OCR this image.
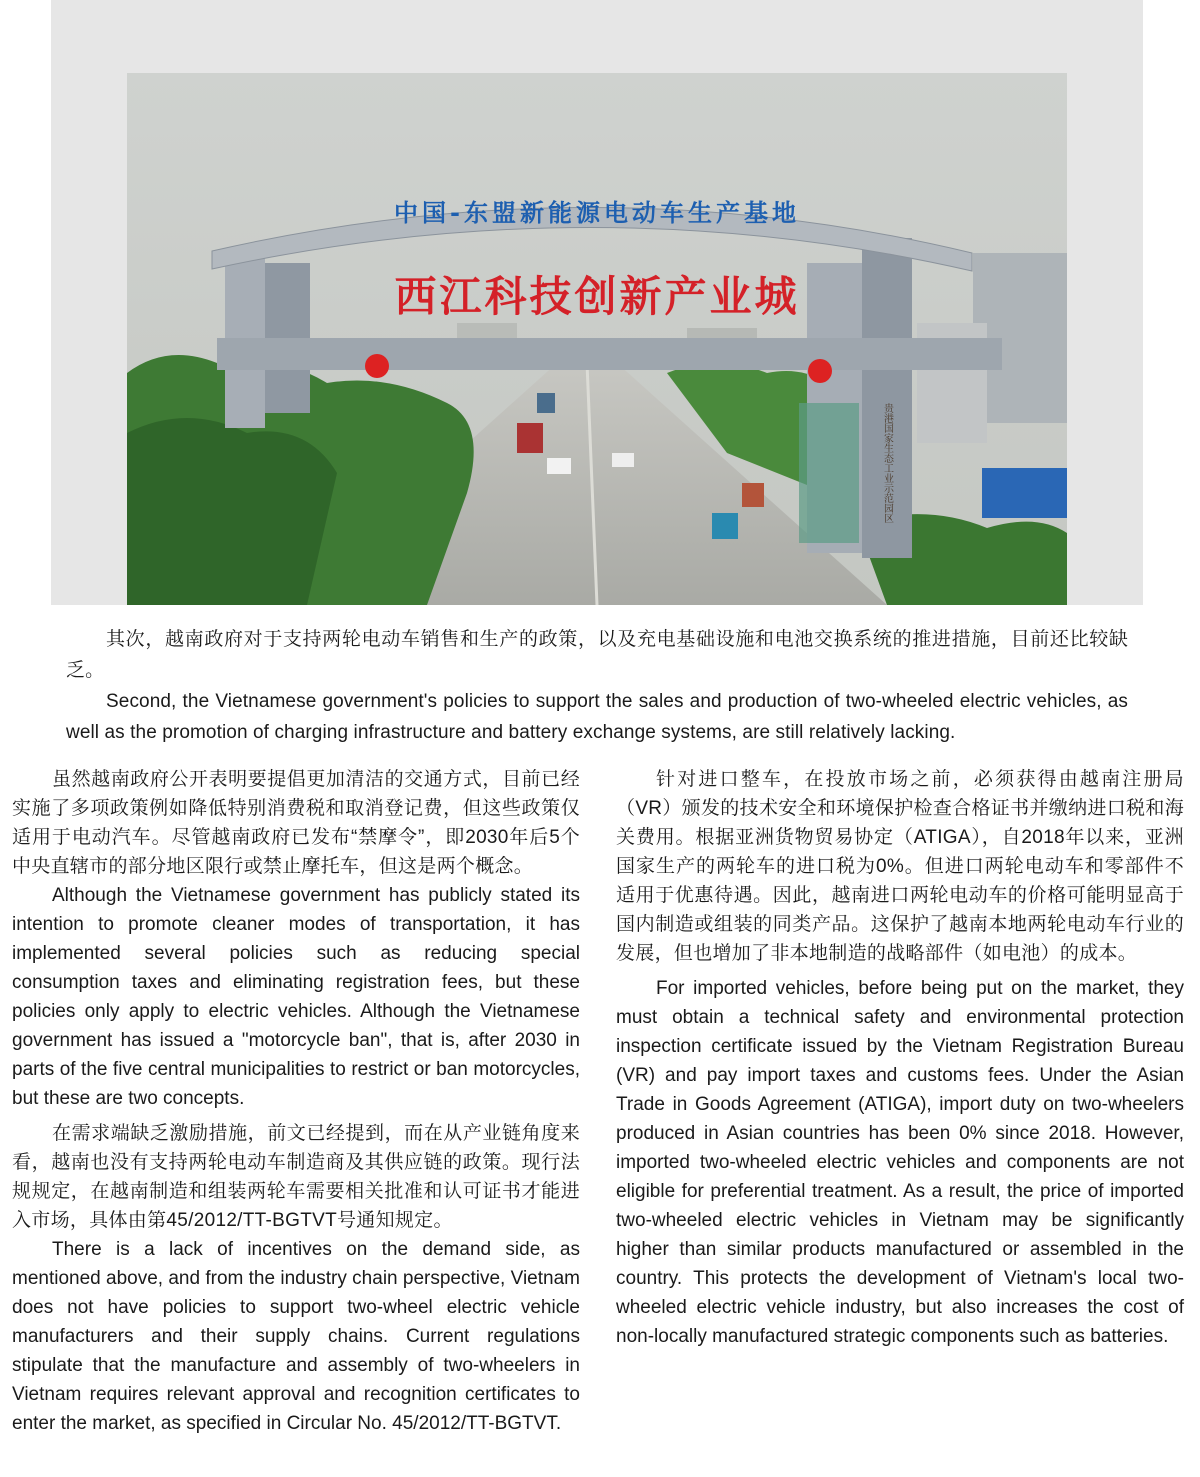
中国-东盟新能源电动车生产基地
西江科技创新产业城
贵港国家生态工业示范园区

其次，越南政府对于支持两轮电动车销售和生产的政策，以及充电基础设施和电池交换系统的推进措施，目前还比较缺乏。

Second, the Vietnamese government's policies to support the sales and production of two-wheeled electric vehicles, as well as the promotion of charging infrastructure and battery exchange systems, are still relatively lacking.

虽然越南政府公开表明要提倡更加清洁的交通方式，目前已经实施了多项政策例如降低特别消费税和取消登记费，但这些政策仅适用于电动汽车。尽管越南政府已发布“禁摩令”，即2030年后5个中央直辖市的部分地区限行或禁止摩托车，但这是两个概念。

Although the Vietnamese government has publicly stated its intention to promote cleaner modes of transportation, it has implemented several policies such as reducing special consumption taxes and eliminating registration fees, but these policies only apply to electric vehicles. Although the Vietnamese government has issued a "motorcycle ban", that is, after 2030 in parts of the five central municipalities to restrict or ban motorcycles, but these are two concepts.

在需求端缺乏激励措施，前文已经提到，而在从产业链角度来看，越南也没有支持两轮电动车制造商及其供应链的政策。现行法规规定，在越南制造和组装两轮车需要相关批准和认可证书才能进入市场，具体由第45/2012/TT-BGTVT号通知规定。

There is a lack of incentives on the demand side, as mentioned above, and from the industry chain perspective, Vietnam does not have policies to support two-wheel electric vehicle manufacturers and their supply chains. Current regulations stipulate that the manufacture and assembly of two-wheelers in Vietnam requires relevant approval and recognition certificates to enter the market, as specified in Circular No. 45/2012/TT-BGTVT.

针对进口整车，在投放市场之前，必须获得由越南注册局（VR）颁发的技术安全和环境保护检查合格证书并缴纳进口税和海关费用。根据亚洲货物贸易协定（ATIGA），自2018年以来，亚洲国家生产的两轮车的进口税为0%。但进口两轮电动车和零部件不适用于优惠待遇。因此，越南进口两轮电动车的价格可能明显高于国内制造或组装的同类产品。这保护了越南本地两轮电动车行业的发展，但也增加了非本地制造的战略部件（如电池）的成本。

For imported vehicles, before being put on the market, they must obtain a technical safety and environmental protection inspection certificate issued by the Vietnam Registration Bureau (VR) and pay import taxes and customs fees. Under the Asian Trade in Goods Agreement (ATIGA), import duty on two-wheelers produced in Asian countries has been 0% since 2018. However, imported two-wheeled electric vehicles and components are not eligible for preferential treatment. As a result, the price of imported two-wheeled electric vehicles in Vietnam may be significantly higher than similar products manufactured or assembled in the country. This protects the development of Vietnam's local two-wheeled electric vehicle industry, but also increases the cost of non-locally manufactured strategic components such as batteries.
